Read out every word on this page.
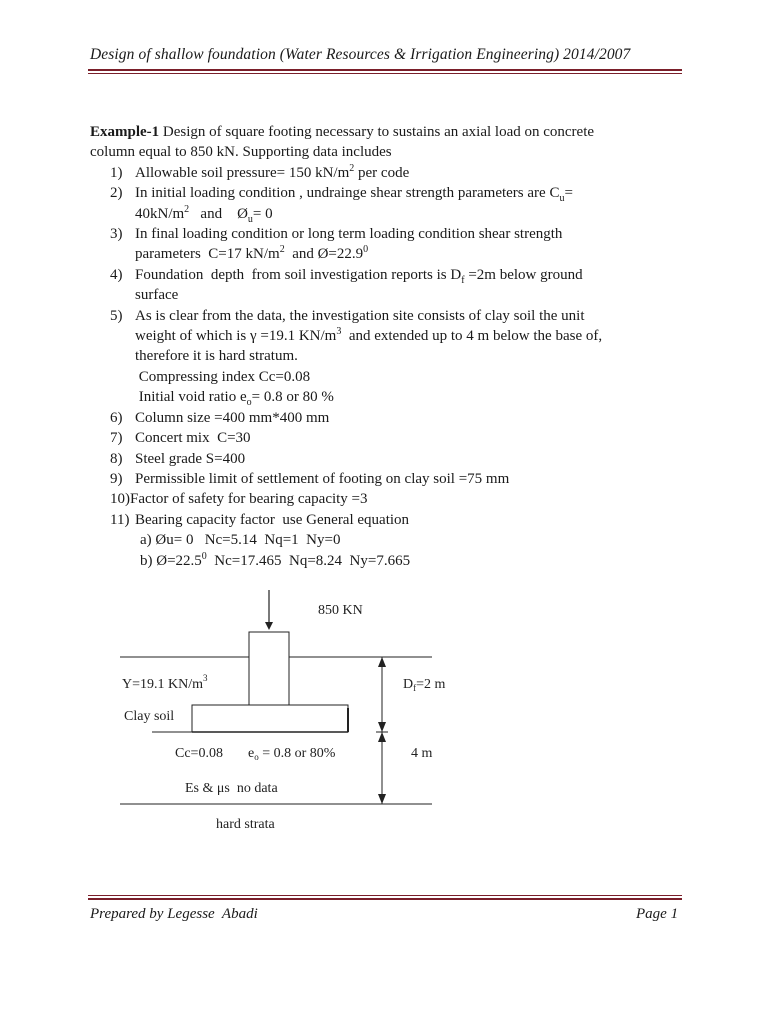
Design of shallow foundation (Water Resources & Irrigation Engineering) 2014/2007

Example-1 Design of square footing necessary to sustains an axial load on concrete

column equal to 850 kN. Supporting data includes

1) Allowable soil pressure= 150 $kN/m^2$ per code

2) In initial loading condition , undrainge shear strength parameters are $C_u=$

$40kN/m^2$   and    $Ø_u= 0$

3) In final loading condition or long term loading condition shear strength

parameters  C=17 $kN/m^2$  and $Ø=22.9^0$

4) Foundation  depth  from soil investigation reports is $D_f =2m$ below ground

surface

5) As is clear from the data, the investigation site consists of clay soil the unit

weight of which is γ =19.1 $KN/m^3$  and extended up to 4 m below the base of,

therefore it is hard stratum.

Compressing index Cc=0.08

Initial void ratio $e_o= 0.8$ or 80 %

6) Column size =400 mm*400 mm

7) Concert mix  C=30

8) Steel grade S=400

9) Permissible limit of settlement of footing on clay soil =75 mm

10)Factor of safety for bearing capacity =3

11) Bearing capacity factor  use General equation

a) Øu= 0   Nc=5.14  Nq=1  Ny=0

b) $Ø=22.5^0$  Nc=17.465  Nq=8.24  Ny=7.665

850 KN
Y=19.1 $KN/m^3$
Clay soil
$D_f=2$ m
Cc=0.08 $e_o = 0.8$ or 80%	4 m
Es & μs  no data
hard strata
Prepared by Legesse  Abadi	Page 1
